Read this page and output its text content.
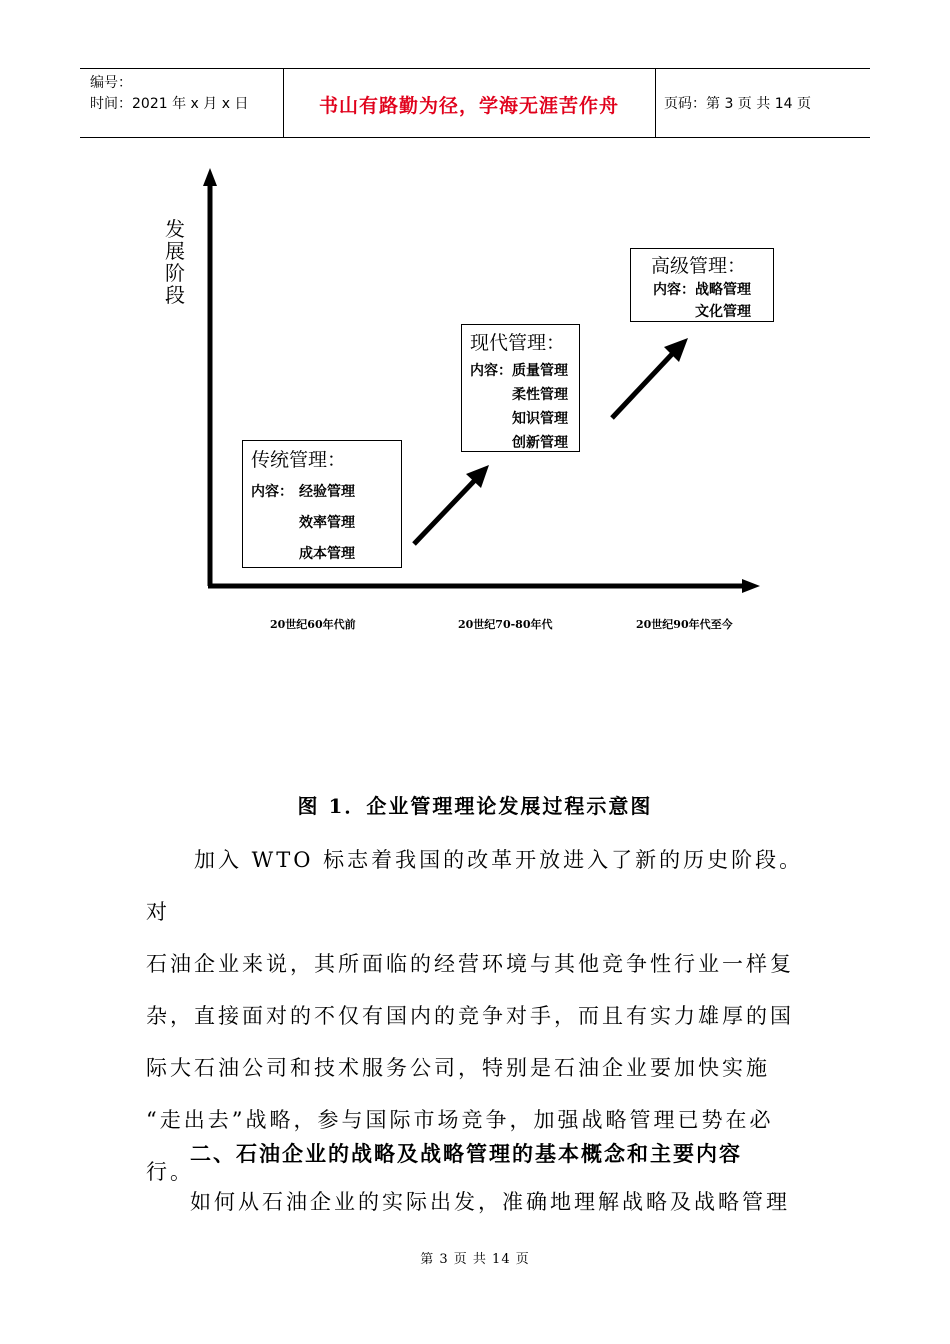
编号：
时间：2021 年 x 月 x 日	书山有路勤为径，学海无涯苦作舟	页码：第 3 页 共 14 页
发展阶段
传统管理：
内容： 经验管理
效率管理
成本管理
现代管理：
内容： 质量管理
柔性管理
知识管理
创新管理
高级管理：
内容： 战略管理
文化管理
20世纪60年代前	20世纪70-80年代	20世纪90年代至今
图 1．企业管理理论发展过程示意图

　　加入 WTO 标志着我国的改革开放进入了新的历史阶段。对

石油企业来说，其所面临的经营环境与其他竞争性行业一样复

杂，直接面对的不仅有国内的竞争对手，而且有实力雄厚的国

际大石油公司和技术服务公司，特别是石油企业要加快实施

“走出去”战略，参与国际市场竞争，加强战略管理已势在必

行。

二、石油企业的战略及战略管理的基本概念和主要内容
如何从石油企业的实际出发，准确地理解战略及战略管理
第 3 页 共 14 页
